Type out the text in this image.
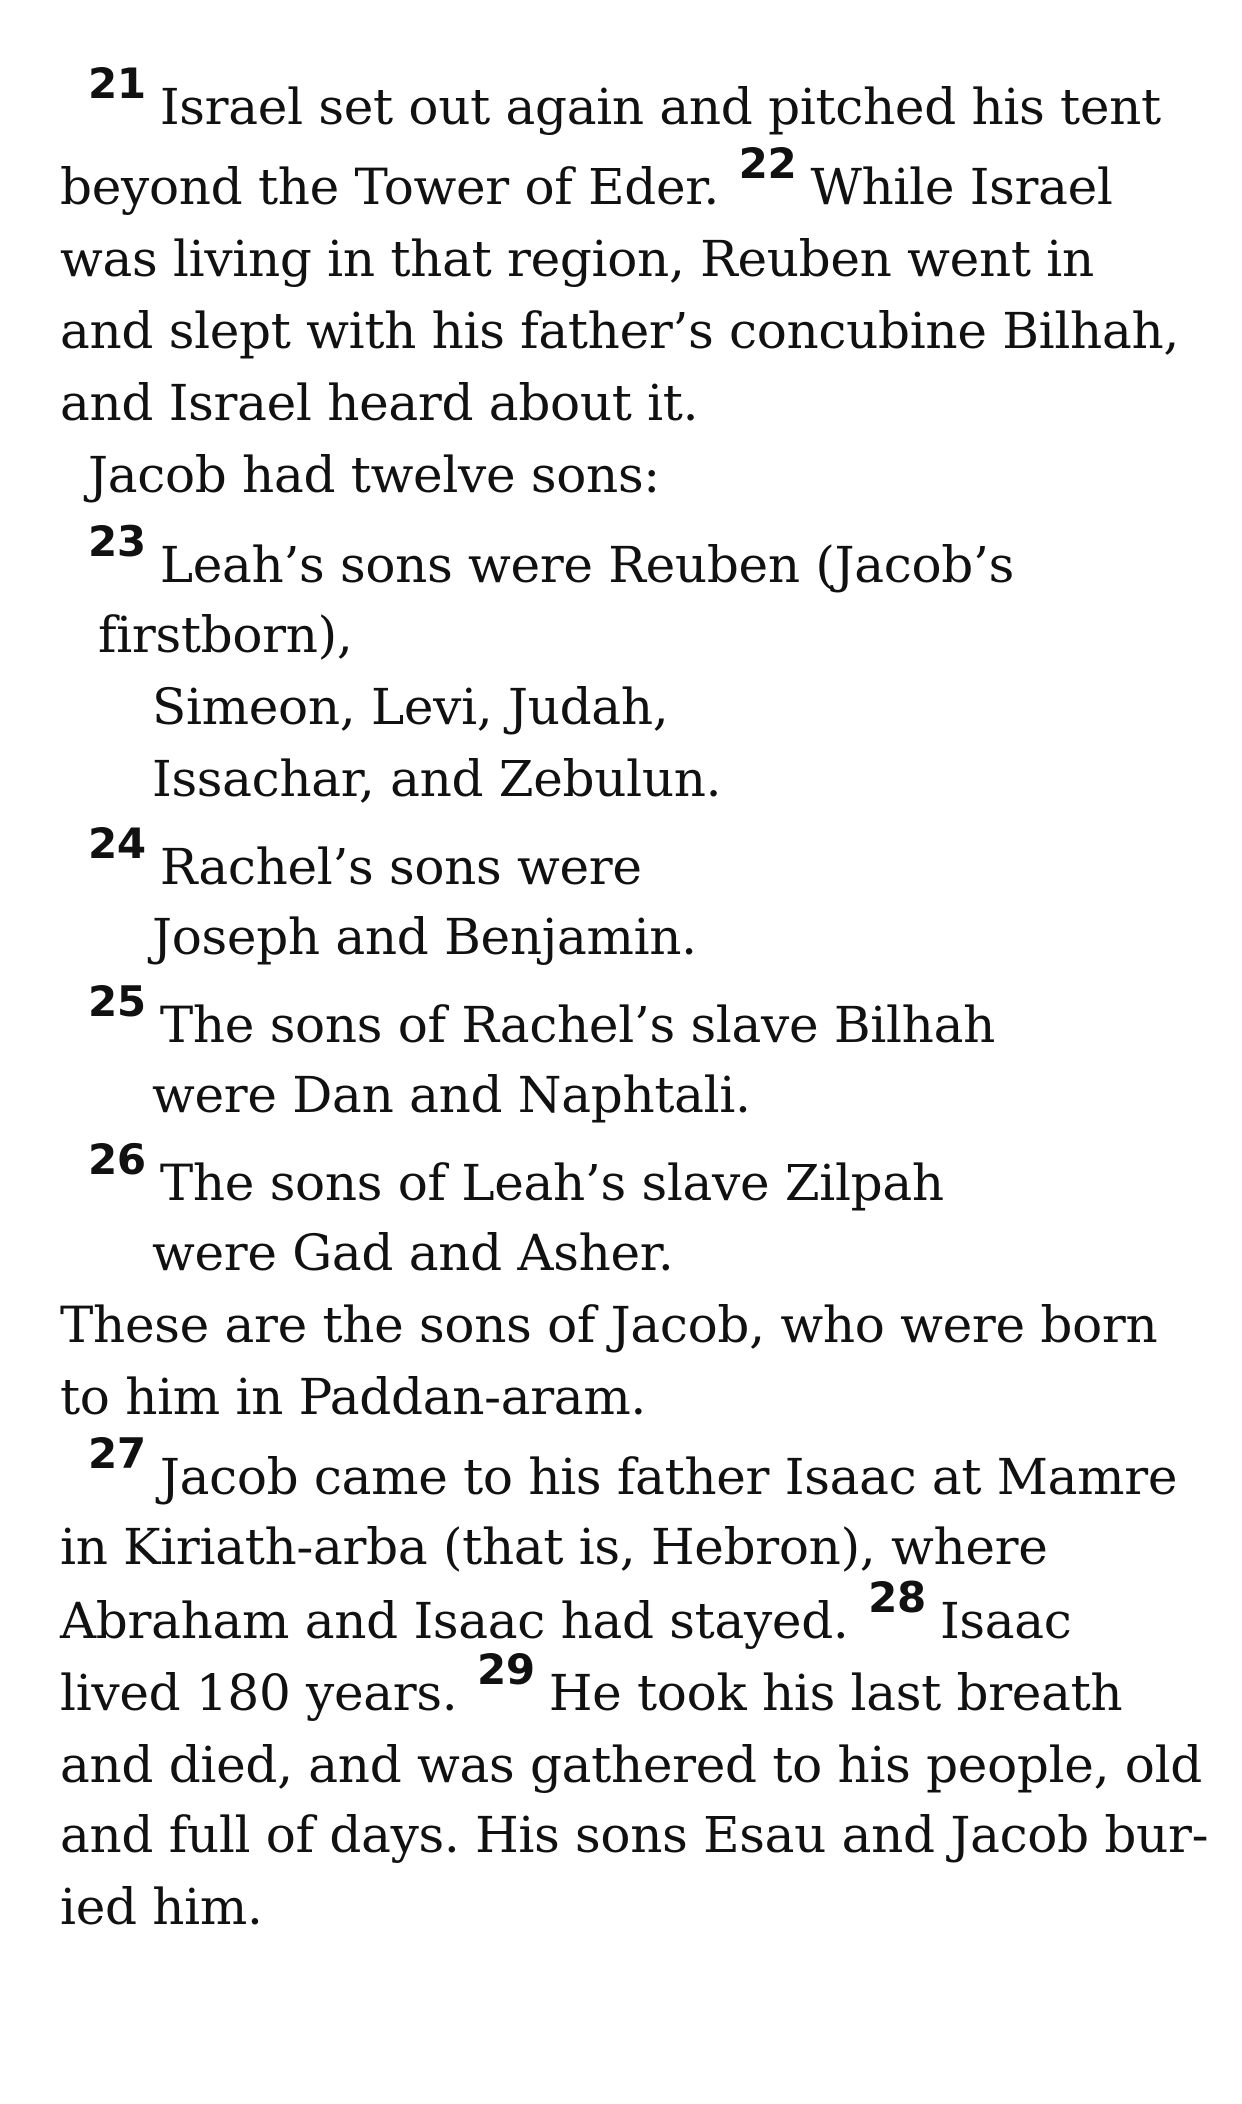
$^{21}$ Israel set out again and pitched his tent
beyond the Tower of Eder. $^{22}$ While Israel
was living in that region, Reuben went in
and slept with his father’s concubine Bilhah,
and Israel heard about it.
Jacob had twelve sons:
$^{23}$ Leah’s sons were Reuben (Jacob’s
firstborn),
Simeon, Levi, Judah,
Issachar, and Zebulun.
$^{24}$ Rachel’s sons were
Joseph and Benjamin.
$^{25}$ The sons of Rachel’s slave Bilhah
were Dan and Naphtali.
$^{26}$ The sons of Leah’s slave Zilpah
were Gad and Asher.
These are the sons of Jacob, who were born
to him in Paddan-aram.
$^{27}$ Jacob came to his father Isaac at Mamre
in Kiriath-arba (that is, Hebron), where
Abraham and Isaac had stayed. $^{28}$ Isaac
lived 180 years. $^{29}$ He took his last breath
and died, and was gathered to his people, old
and full of days. His sons Esau and Jacob bur-
ied him.
